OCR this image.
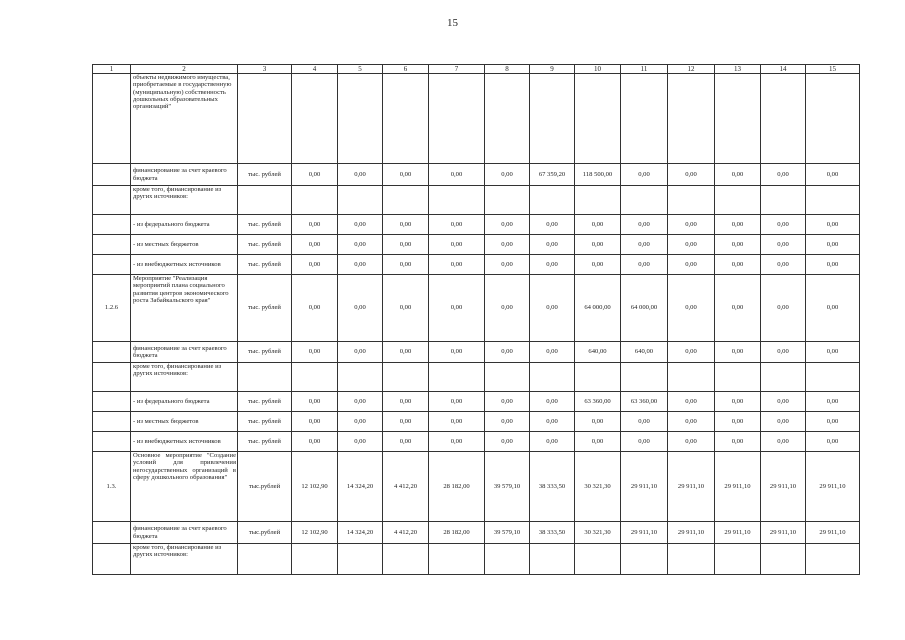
15
1	2	3	4	5	6	7	8	9	10	11	12	13	14	15
	объекты недвижимого имущества, приобретаемые в государственную (муниципальную) собственность дошкольных образовательных организаций"													
	финансирование за счет краевого бюджета	тыс. рублей	0,00	0,00	0,00	0,00	0,00	67 359,20	118 500,00	0,00	0,00	0,00	0,00	0,00
	кроме того, финансирование из других источников:													
	- из федерального бюджета	тыс. рублей	0,00	0,00	0,00	0,00	0,00	0,00	0,00	0,00	0,00	0,00	0,00	0,00
	- из местных бюджетов	тыс. рублей	0,00	0,00	0,00	0,00	0,00	0,00	0,00	0,00	0,00	0,00	0,00	0,00
	- из внебюджетных источников	тыс. рублей	0,00	0,00	0,00	0,00	0,00	0,00	0,00	0,00	0,00	0,00	0,00	0,00
1.2.6	Мероприятие "Реализация мероприятий плана социального развития центров экономического роста Забайкальского края"	тыс. рублей	0,00	0,00	0,00	0,00	0,00	0,00	64 000,00	64 000,00	0,00	0,00	0,00	0,00
	финансирование за счет краевого бюджета	тыс. рублей	0,00	0,00	0,00	0,00	0,00	0,00	640,00	640,00	0,00	0,00	0,00	0,00
	кроме того, финансирование из других источников:													
	- из федерального бюджета	тыс. рублей	0,00	0,00	0,00	0,00	0,00	0,00	63 360,00	63 360,00	0,00	0,00	0,00	0,00
	- из местных бюджетов	тыс. рублей	0,00	0,00	0,00	0,00	0,00	0,00	0,00	0,00	0,00	0,00	0,00	0,00
	- из внебюджетных источников	тыс. рублей	0,00	0,00	0,00	0,00	0,00	0,00	0,00	0,00	0,00	0,00	0,00	0,00
1.3.	Основное мероприятие "Создание условий для привлечения негосударственных организаций в сферу дошкольного образования"	тыс.рублей	12 102,90	14 324,20	4 412,20	28 182,00	39 579,10	38 333,50	30 321,30	29 911,10	29 911,10	29 911,10	29 911,10	29 911,10
	финансирование за счет краевого бюджета	тыс.рублей	12 102,90	14 324,20	4 412,20	28 182,00	39 579,10	38 333,50	30 321,30	29 911,10	29 911,10	29 911,10	29 911,10	29 911,10
	кроме того, финансирование из других источников:													
